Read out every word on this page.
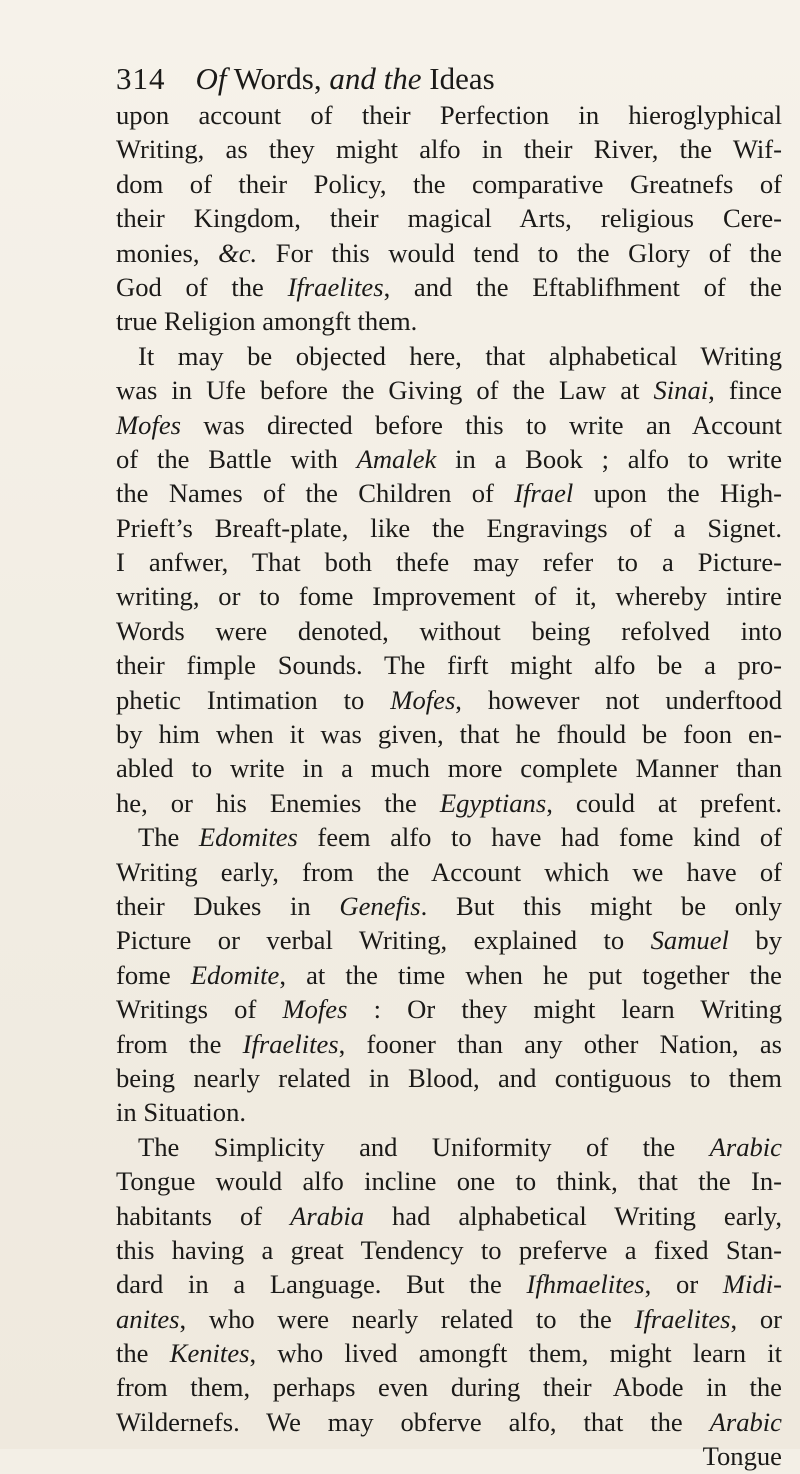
314 Of Words, and the Ideas
upon account of their Perfection in hieroglyphical
Writing, as they might alfo in their River, the Wif-
dom of their Policy, the comparative Greatnefs of
their Kingdom, their magical Arts, religious Cere-
monies, &c. For this would tend to the Glory of the
God of the Ifraelites, and the Eftablifhment of the
true Religion amongft them.
It may be objected here, that alphabetical Writing
was in Ufe before the Giving of the Law at Sinai, fince
Mofes was directed before this to write an Account
of the Battle with Amalek in a Book ; alfo to write
the Names of the Children of Ifrael upon the High-
Prieft’s Breaft-plate, like the Engravings of a Signet.
I anfwer, That both thefe may refer to a Picture-
writing, or to fome Improvement of it, whereby intire
Words were denoted, without being refolved into
their fimple Sounds. The firft might alfo be a pro-
phetic Intimation to Mofes, however not underftood
by him when it was given, that he fhould be foon en-
abled to write in a much more complete Manner than
he, or his Enemies the Egyptians, could at prefent.
The Edomites feem alfo to have had fome kind of
Writing early, from the Account which we have of
their Dukes in Genefis. But this might be only
Picture or verbal Writing, explained to Samuel by
fome Edomite, at the time when he put together the
Writings of Mofes : Or they might learn Writing
from the Ifraelites, fooner than any other Nation, as
being nearly related in Blood, and contiguous to them
in Situation.
The Simplicity and Uniformity of the Arabic
Tongue would alfo incline one to think, that the In-
habitants of Arabia had alphabetical Writing early,
this having a great Tendency to preferve a fixed Stan-
dard in a Language. But the Ifhmaelites, or Midi-
anites, who were nearly related to the Ifraelites, or
the Kenites, who lived amongft them, might learn it
from them, perhaps even during their Abode in the
Wildernefs. We may obferve alfo, that the Arabic
Tongue
